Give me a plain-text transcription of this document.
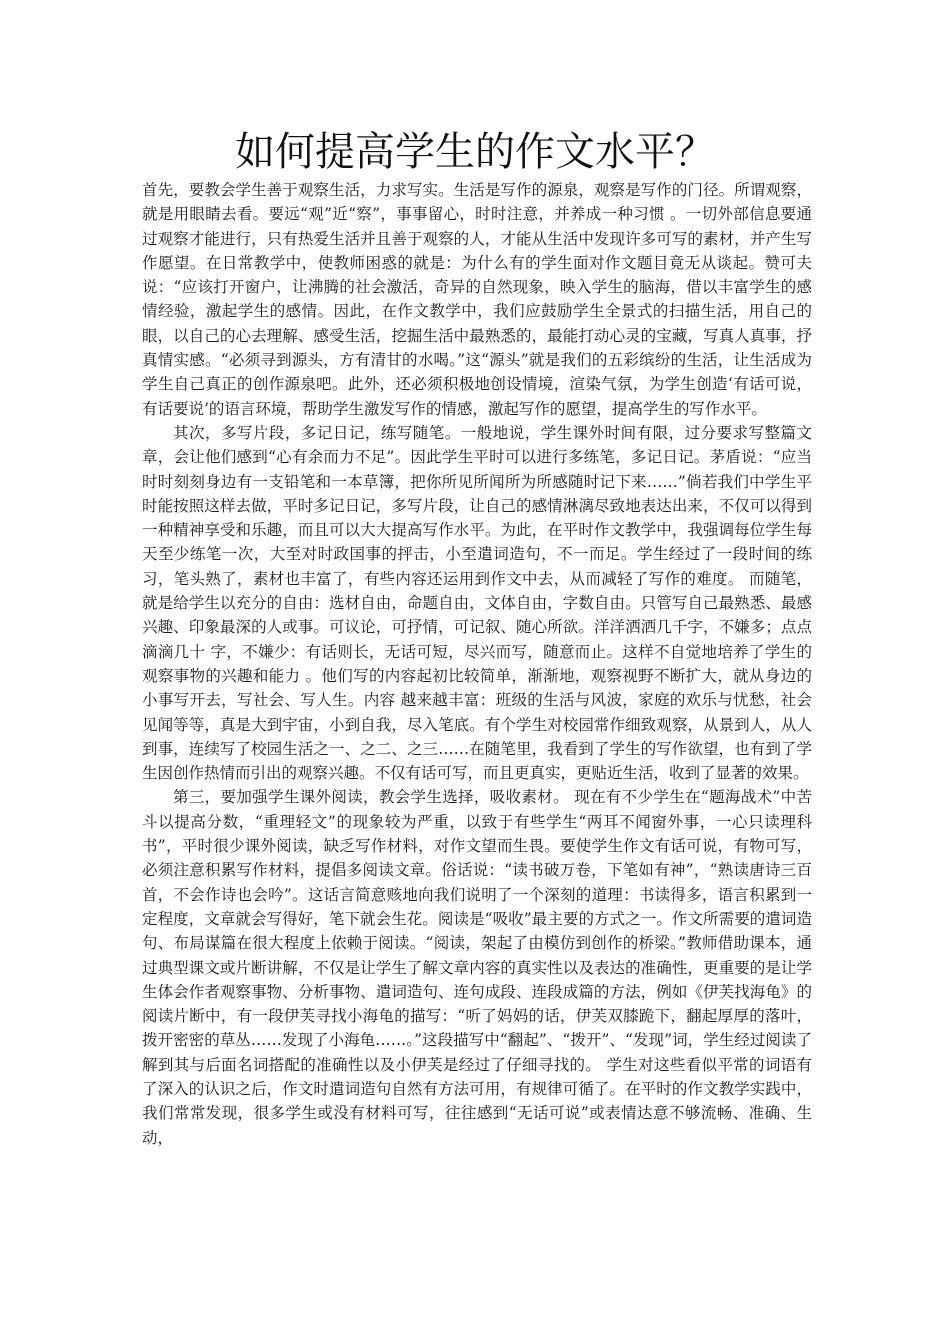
如何提高学生的作文水平？

首先，要教会学生善于观察生活，力求写实。生活是写作的源泉，观察是写作的门径。所谓观察，就是用眼睛去看。要远“观”近“察”，事事留心，时时注意，并养成一种习惯 。一切外部信息要通过观察才能进行，只有热爱生活并且善于观察的人，才能从生活中发现许多可写的素材，并产生写作愿望。在日常教学中，使教师困惑的就是：为什么有的学生面对作文题目竟无从谈起。赞可夫说：“应该打开窗户，让沸腾的社会激活，奇异的自然现象，映入学生的脑海，借以丰富学生的感情经验，激起学生的感情。因此，在作文教学中，我们应鼓励学生全景式的扫描生活，用自己的眼，以自己的心去理解、感受生活，挖掘生活中最熟悉的，最能打动心灵的宝藏，写真人真事，抒真情实感。“必须寻到源头，方有清甘的水喝。”这“源头”就是我们的五彩缤纷的生活，让生活成为学生自己真正的创作源泉吧。此外，还必须积极地创设情境，渲染气氛，为学生创造‘有话可说，有话要说’的语言环境，帮助学生激发写作的情感，激起写作的愿望，提高学生的写作水平。

其次，多写片段，多记日记，练写随笔。一般地说，学生课外时间有限，过分要求写整篇文章，会让他们感到“心有余而力不足”。因此学生平时可以进行多练笔，多记日记。茅盾说：“应当时时刻刻身边有一支铅笔和一本草簿，把你所见所闻所为所感随时记下来……”倘若我们中学生平时能按照这样去做，平时多记日记，多写片段，让自己的感情淋漓尽致地表达出来，不仅可以得到一种精神享受和乐趣，而且可以大大提高写作水平。为此，在平时作文教学中，我强调每位学生每天至少练笔一次，大至对时政国事的抨击，小至遣词造句，不一而足。学生经过了一段时间的练习，笔头熟了，素材也丰富了，有些内容还运用到作文中去，从而减轻了写作的难度。 而随笔，就是给学生以充分的自由：选材自由，命题自由，文体自由，字数自由。只管写自己最熟悉、最感兴趣、印象最深的人或事。可议论，可抒情，可记叙、随心所欲。洋洋洒洒几千字，不嫌多；点点滴滴几十 字，不嫌少：有话则长，无话可短，尽兴而写，随意而止。这样不自觉地培养了学生的观察事物的兴趣和能力 。他们写的内容起初比较简单，渐渐地，观察视野不断扩大，就从身边的小事写开去，写社会、写人生。内容 越来越丰富：班级的生活与风波，家庭的欢乐与忧愁，社会见闻等等，真是大到宇宙，小到自我，尽入笔底。有个学生对校园常作细致观察，从景到人，从人到事，连续写了校园生活之一、之二、之三……在随笔里，我看到了学生的写作欲望，也有到了学生因创作热情而引出的观察兴趣。不仅有话可写，而且更真实，更贴近生活，收到了显著的效果。

第三，要加强学生课外阅读，教会学生选择，吸收素材。 现在有不少学生在“题海战术”中苦斗以提高分数，“重理轻文”的现象较为严重，以致于有些学生“两耳不闻窗外事，一心只读理科书”，平时很少课外阅读，缺乏写作材料，对作文望而生畏。要使学生作文有话可说，有物可写，必须注意积累写作材料，提倡多阅读文章。俗话说：“读书破万卷，下笔如有神”，“熟读唐诗三百首，不会作诗也会吟”。这话言简意赅地向我们说明了一个深刻的道理：书读得多，语言积累到一定程度，文章就会写得好，笔下就会生花。阅读是“吸收”最主要的方式之一。作文所需要的遣词造句、布局谋篇在很大程度上依赖于阅读。“阅读，架起了由模仿到创作的桥梁。”教师借助课本，通过典型课文或片断讲解，不仅是让学生了解文章内容的真实性以及表达的准确性，更重要的是让学生体会作者观察事物、分析事物、遣词造句、连句成段、连段成篇的方法，例如《伊芙找海龟》的阅读片断中，有一段伊芙寻找小海龟的描写：“听了妈妈的话，伊芙双膝跪下，翻起厚厚的落叶，拨开密密的草丛……发现了小海龟……。”这段描写中“翻起”、“拨开”、“发现”词，学生经过阅读了解到其与后面名词搭配的准确性以及小伊芙是经过了仔细寻找的。 学生对这些看似平常的词语有了深入的认识之后，作文时遣词造句自然有方法可用，有规律可循了。在平时的作文教学实践中，我们常常发现，很多学生或没有材料可写，往往感到“无话可说”或表情达意不够流畅、准确、生动，
